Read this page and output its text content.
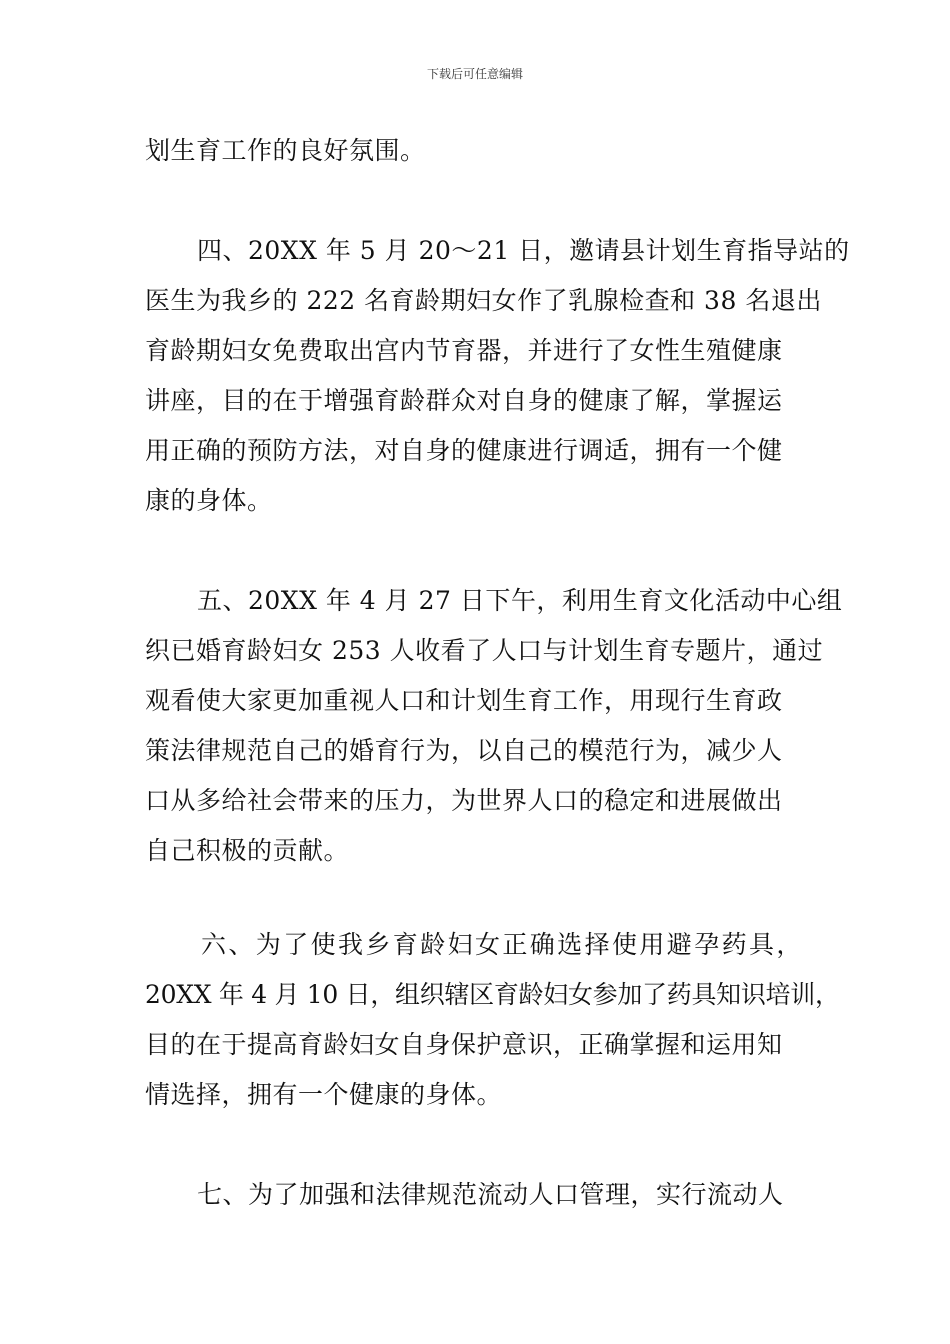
下载后可任意编辑
划生育工作的良好氛围。
四、20XX 年 5 月 20～21 日，邀请县计划生育指导站的
医生为我乡的 222 名育龄期妇女作了乳腺检查和 38 名退出
育龄期妇女免费取出宫内节育器，并进行了女性生殖健康
讲座，目的在于增强育龄群众对自身的健康了解，掌握运
用正确的预防方法，对自身的健康进行调适，拥有一个健
康的身体。
五、20XX 年 4 月 27 日下午，利用生育文化活动中心组
织已婚育龄妇女 253 人收看了人口与计划生育专题片，通过
观看使大家更加重视人口和计划生育工作，用现行生育政
策法律规范自己的婚育行为，以自己的模范行为，减少人
口从多给社会带来的压力，为世界人口的稳定和进展做出
自己积极的贡献。
六、为了使我乡育龄妇女正确选择使用避孕药具，
20XX 年 4 月 10 日，组织辖区育龄妇女参加了药具知识培训，
目的在于提高育龄妇女自身保护意识，正确掌握和运用知
情选择，拥有一个健康的身体。
七、为了加强和法律规范流动人口管理，实行流动人
